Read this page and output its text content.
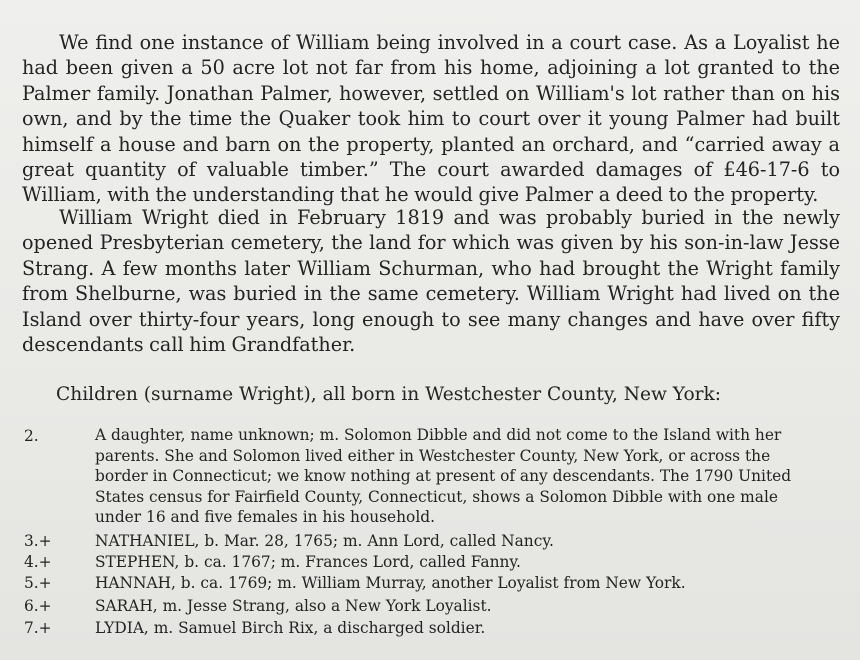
We find one instance of William being involved in a court case. As a Loyalist he had been given a 50 acre lot not far from his home, adjoining a lot granted to the Palmer family. Jonathan Palmer, however, settled on William's lot rather than on his own, and by the time the Quaker took him to court over it young Palmer had built himself a house and barn on the property, planted an orchard, and “carried away a great quantity of valuable timber.” The court awarded damages of £46-17-6 to William, with the understanding that he would give Palmer a deed to the property.

William Wright died in February 1819 and was probably buried in the newly opened Presbyterian cemetery, the land for which was given by his son-in-law Jesse Strang. A few months later William Schurman, who had brought the Wright family from Shelburne, was buried in the same cemetery. William Wright had lived on the Island over thirty-four years, long enough to see many changes and have over fifty descendants call him Grandfather.

Children (surname Wright), all born in Westchester County, New York:

2.	A daughter, name unknown; m. Solomon Dibble and did not come to the Island with her parents. She and Solomon lived either in Westchester County, New York, or across the border in Connecticut; we know nothing at present of any descendants. The 1790 United States census for Fairfield County, Connecticut, shows a Solomon Dibble with one male under 16 and five females in his household.

3.+	NATHANIEL, b. Mar. 28, 1765; m. Ann Lord, called Nancy.

4.+	STEPHEN, b. ca. 1767; m. Frances Lord, called Fanny.

5.+	HANNAH, b. ca. 1769; m. William Murray, another Loyalist from New York.

6.+	SARAH, m. Jesse Strang, also a New York Loyalist.

7.+	LYDIA, m. Samuel Birch Rix, a discharged soldier.
